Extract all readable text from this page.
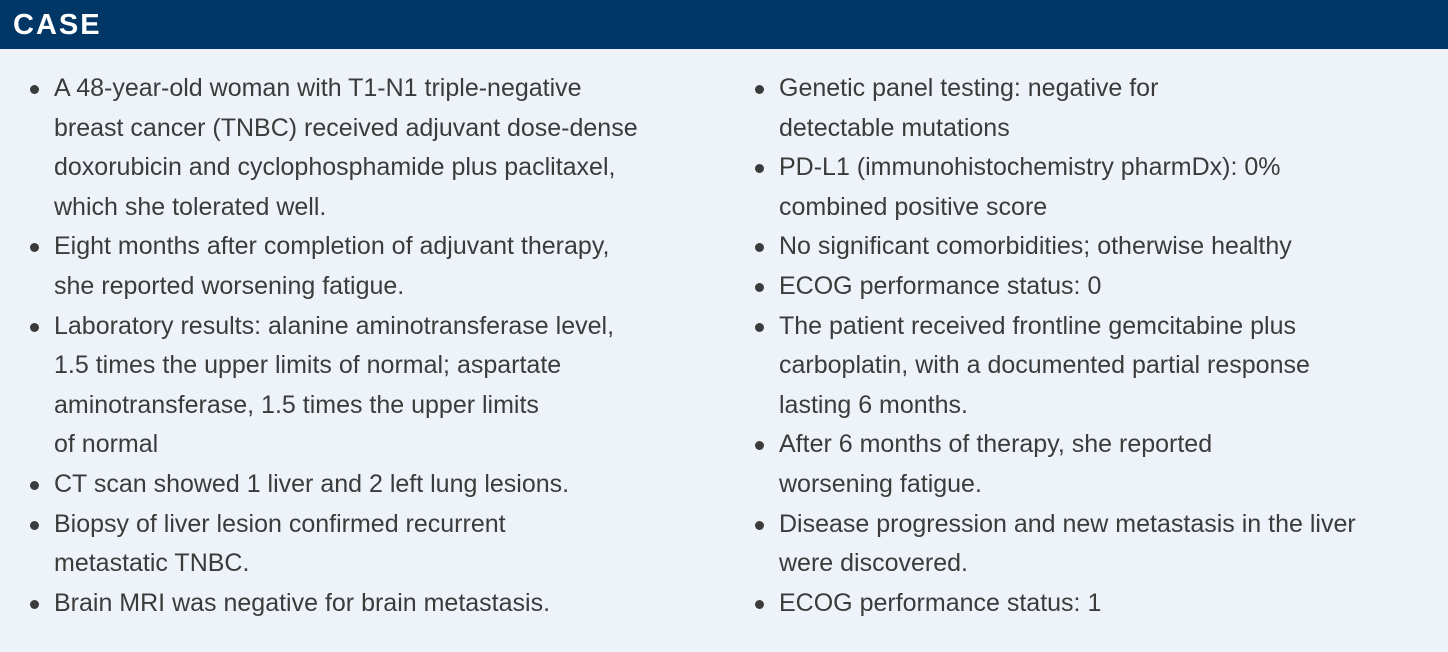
CASE
A 48-year-old woman with T1-N1 triple-negative
breast cancer (TNBC) received adjuvant dose-dense
doxorubicin and cyclophosphamide plus paclitaxel,
which she tolerated well.
Eight months after completion of adjuvant therapy,
she reported worsening fatigue.
Laboratory results: alanine aminotransferase level,
1.5 times the upper limits of normal; aspartate
aminotransferase, 1.5 times the upper limits
of normal
CT scan showed 1 liver and 2 left lung lesions.
Biopsy of liver lesion confirmed recurrent
metastatic TNBC.
Brain MRI was negative for brain metastasis.
Genetic panel testing: negative for
detectable mutations
PD-L1 (immunohistochemistry pharmDx): 0%
combined positive score
No significant comorbidities; otherwise healthy
ECOG performance status: 0
The patient received frontline gemcitabine plus
carboplatin, with a documented partial response
lasting 6 months.
After 6 months of therapy, she reported
worsening fatigue.
Disease progression and new metastasis in the liver
were discovered.
ECOG performance status: 1
